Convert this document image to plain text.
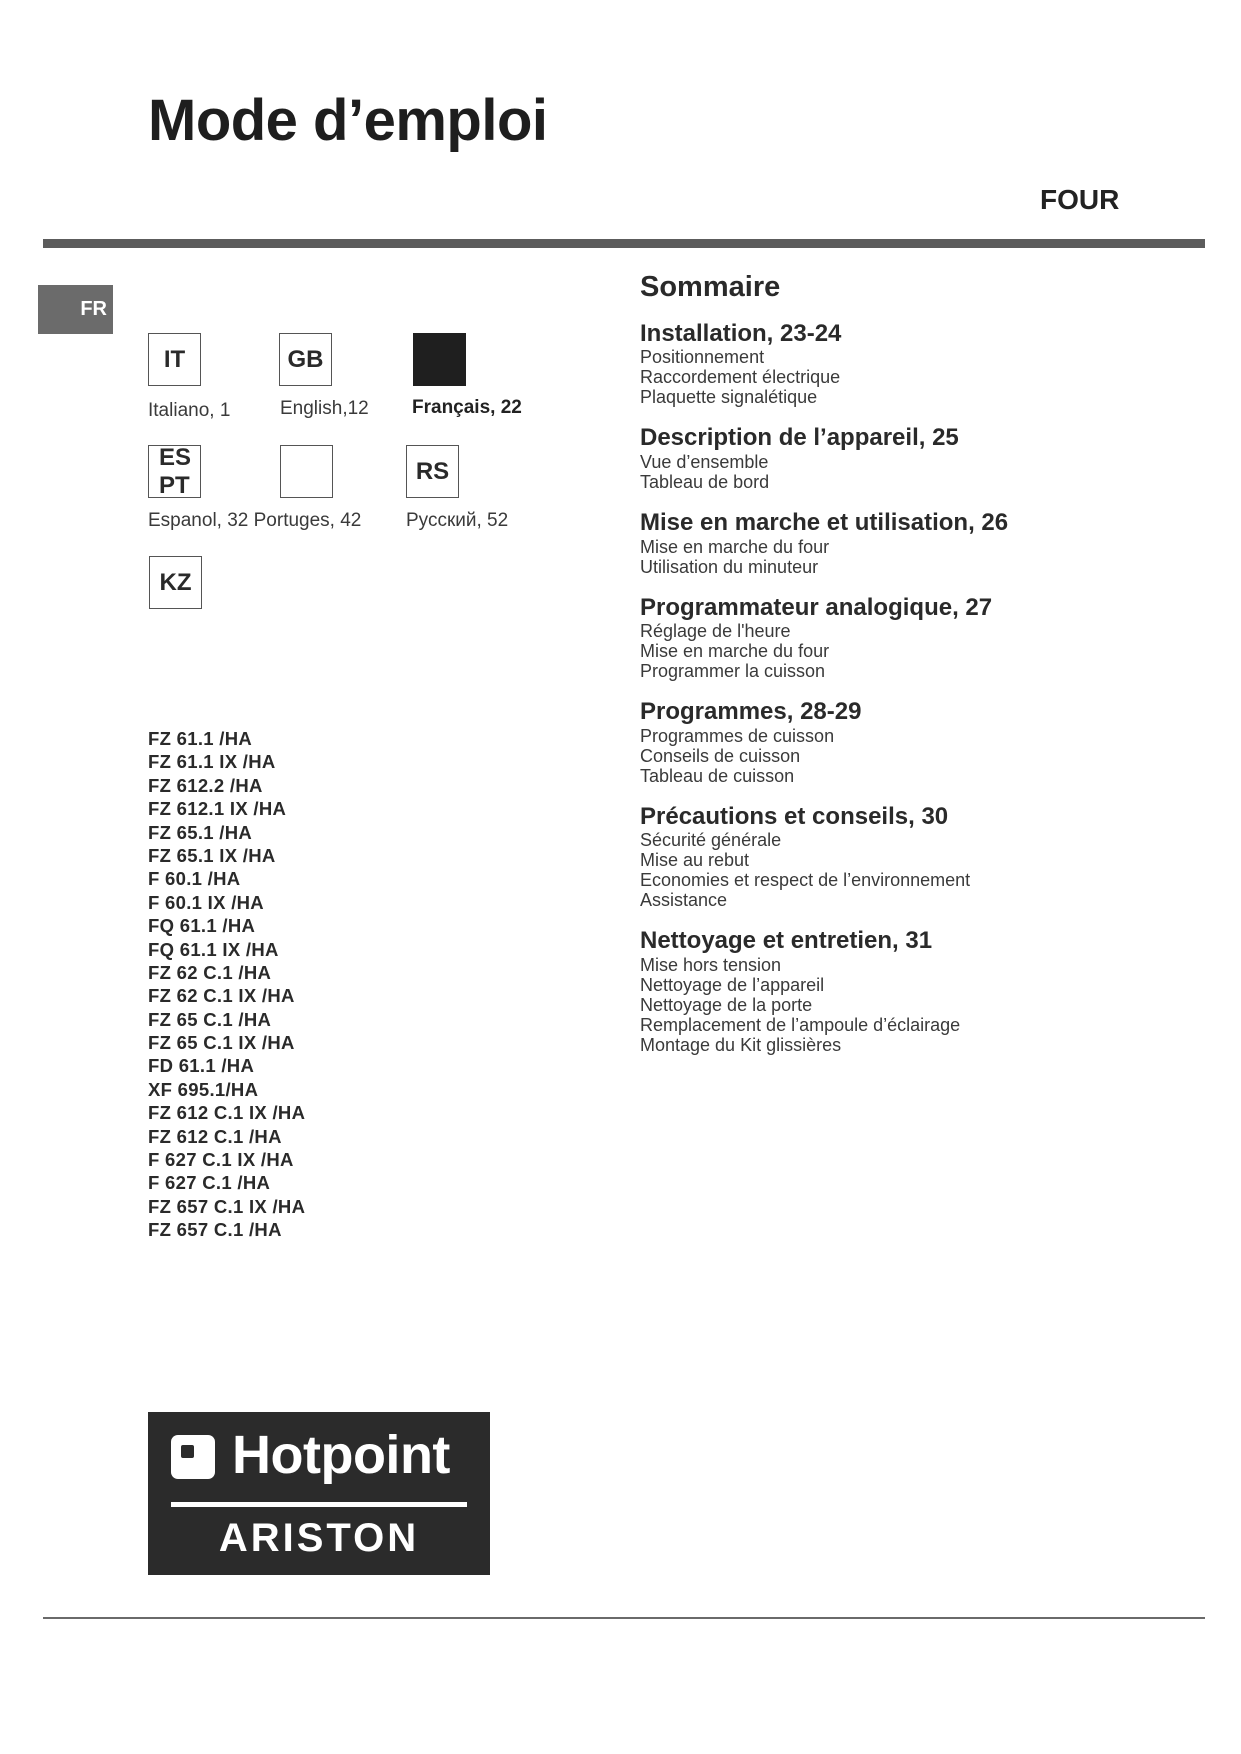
Mode d’emploi
FOUR
FR
IT
Italiano, 1
GB
English,12 Français, 22
ES PT
Espanol, 32 Portuges, 42
RS
Русский, 52
KZ
FZ 61.1 /HA
FZ 61.1 IX /HA
FZ 612.2 /HA
FZ 612.1 IX /HA
FZ 65.1 /HA
FZ 65.1 IX /HA
F 60.1 /HA
F 60.1 IX /HA
FQ 61.1 /HA
FQ 61.1 IX /HA
FZ 62 C.1 /HA
FZ 62 C.1 IX /HA
FZ 65 C.1 /HA
FZ 65 C.1 IX /HA
FD 61.1 /HA
XF 695.1/HA
FZ 612 C.1 IX /HA
FZ 612 C.1 /HA
F 627 C.1 IX /HA
F 627 C.1 /HA
FZ 657 C.1 IX /HA
FZ 657 C.1 /HA
Hotpoint
ARISTON
Sommaire
Installation, 23-24
Positionnement
Raccordement électrique
Plaquette signalétique
Description de l’appareil, 25
Vue d’ensemble
Tableau de bord
Mise en marche et utilisation, 26
Mise en marche du four
Utilisation du minuteur
Programmateur analogique, 27
Réglage de l'heure
Mise en marche du four
Programmer la cuisson
Programmes, 28-29
Programmes de cuisson
Conseils de cuisson
Tableau de cuisson
Précautions et conseils, 30
Sécurité générale
Mise au rebut
Economies et respect de l’environnement
Assistance
Nettoyage et entretien, 31
Mise hors tension
Nettoyage de l’appareil
Nettoyage de la porte
Remplacement de l’ampoule d’éclairage
Montage du Kit glissières
